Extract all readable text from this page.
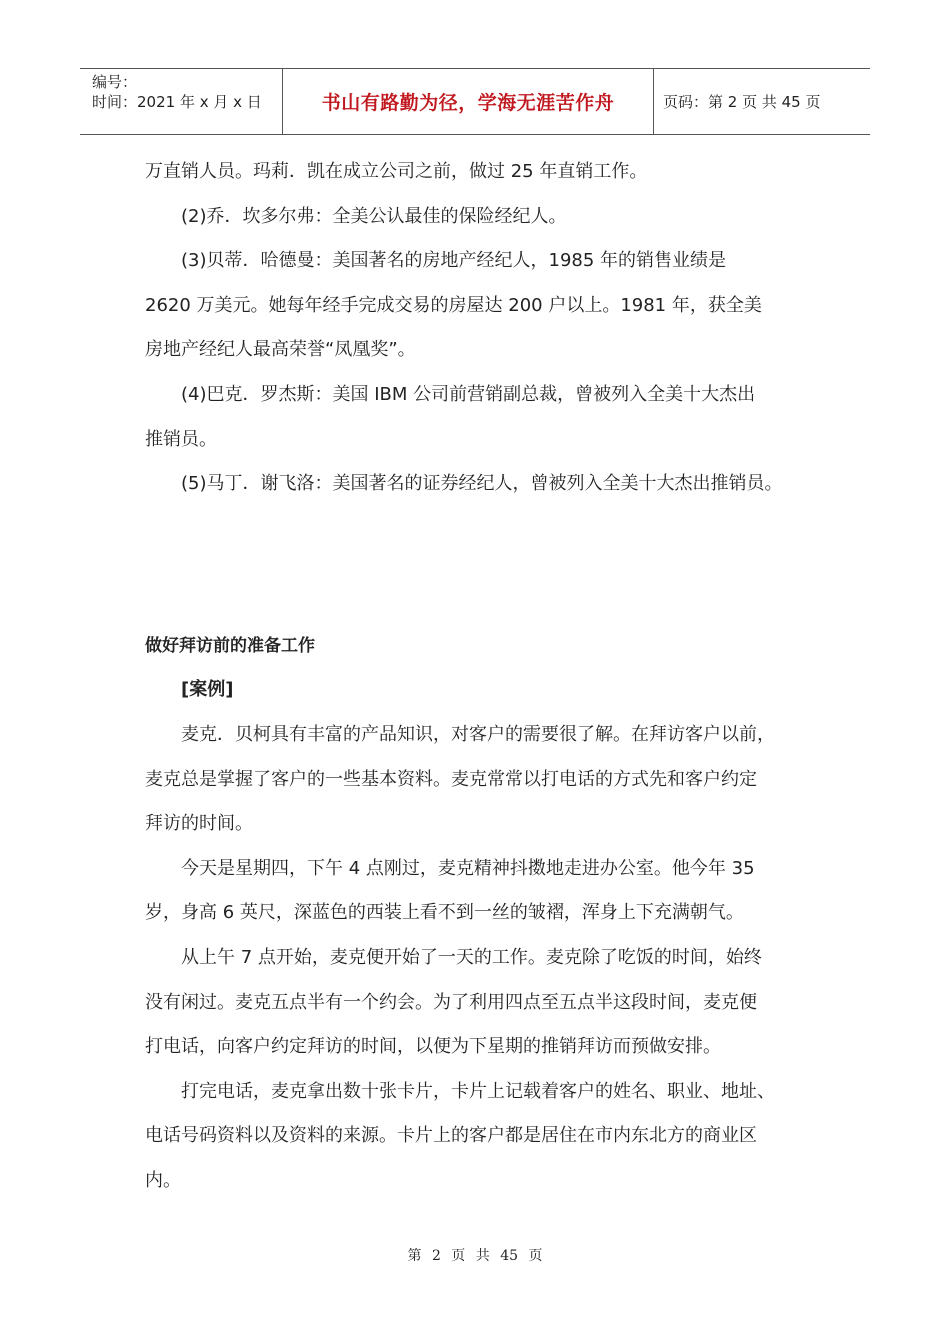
编号：
时间：2021 年 x 月 x 日	书山有路勤为径，学海无涯苦作舟	页码：第 2 页 共 45 页
万直销人员。玛莉．凯在成立公司之前，做过 25 年直销工作。
(2)乔．坎多尔弗：全美公认最佳的保险经纪人。
(3)贝蒂．哈德曼：美国著名的房地产经纪人，1985 年的销售业绩是
2620 万美元。她每年经手完成交易的房屋达 200 户以上。1981 年，获全美
房地产经纪人最高荣誉“凤凰奖”。
(4)巴克．罗杰斯：美国 IBM 公司前营销副总裁，曾被列入全美十大杰出
推销员。
(5)马丁．谢飞洛：美国著名的证券经纪人，曾被列入全美十大杰出推销员。
做好拜访前的准备工作
[案例]
麦克．贝柯具有丰富的产品知识，对客户的需要很了解。在拜访客户以前，
麦克总是掌握了客户的一些基本资料。麦克常常以打电话的方式先和客户约定
拜访的时间。
今天是星期四，下午 4 点刚过，麦克精神抖擞地走进办公室。他今年 35
岁，身高 6 英尺，深蓝色的西装上看不到一丝的皱褶，浑身上下充满朝气。
从上午 7 点开始，麦克便开始了一天的工作。麦克除了吃饭的时间，始终
没有闲过。麦克五点半有一个约会。为了利用四点至五点半这段时间，麦克便
打电话，向客户约定拜访的时间，以便为下星期的推销拜访而预做安排。
打完电话，麦克拿出数十张卡片，卡片上记载着客户的姓名、职业、地址、
电话号码资料以及资料的来源。卡片上的客户都是居住在市内东北方的商业区
内。
第 2 页 共 45 页
